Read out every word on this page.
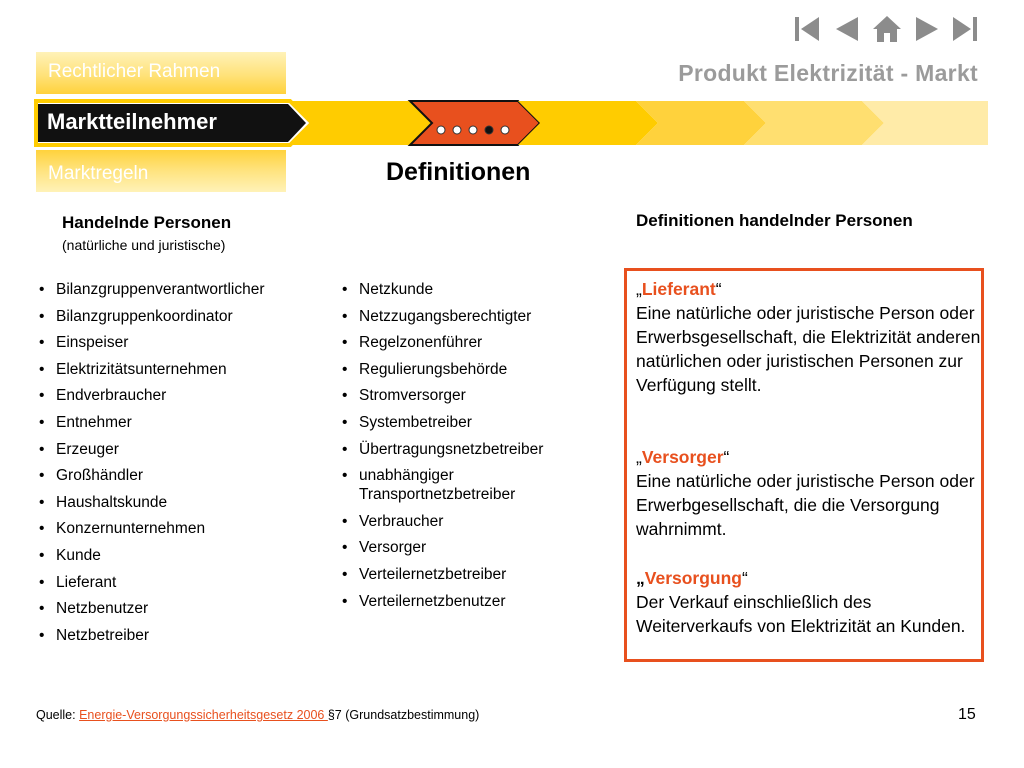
Rechtlicher Rahmen	Produkt Elektrizität - Markt
Marktteilnehmer
Marktregeln	Definitionen
Handelnde Personen
(natürliche und juristische)
Definitionen handelnder Personen
• Bilanzgruppenverantwortlicher
• Bilanzgruppenkoordinator
• Einspeiser
• Elektrizitätsunternehmen
• Endverbraucher
• Entnehmer
• Erzeuger
• Großhändler
• Haushaltskunde
• Konzernunternehmen
• Kunde
• Lieferant
• Netzbenutzer
• Netzbetreiber
• Netzkunde
• Netzzugangsberechtigter
• Regelzonenführer
• Regulierungsbehörde
• Stromversorger
• Systembetreiber
• Übertragungsnetzbetreiber
• unabhängiger Transportnetzbetreiber
• Verbraucher
• Versorger
• Verteilernetzbetreiber
• Verteilernetzbenutzer
„Lieferant“
Eine natürliche oder juristische Person oder Erwerbsgesellschaft, die Elektrizität anderen natürlichen oder juristischen Personen zur Verfügung stellt.
„Versorger“
Eine natürliche oder juristische Person oder Erwerbgesellschaft, die die Versorgung wahrnimmt.
„Versorgung“
Der Verkauf einschließlich des Weiterverkaufs von Elektrizität an Kunden.
Quelle: Energie-Versorgungssicherheitsgesetz 2006 §7 (Grundsatzbestimmung)	15
